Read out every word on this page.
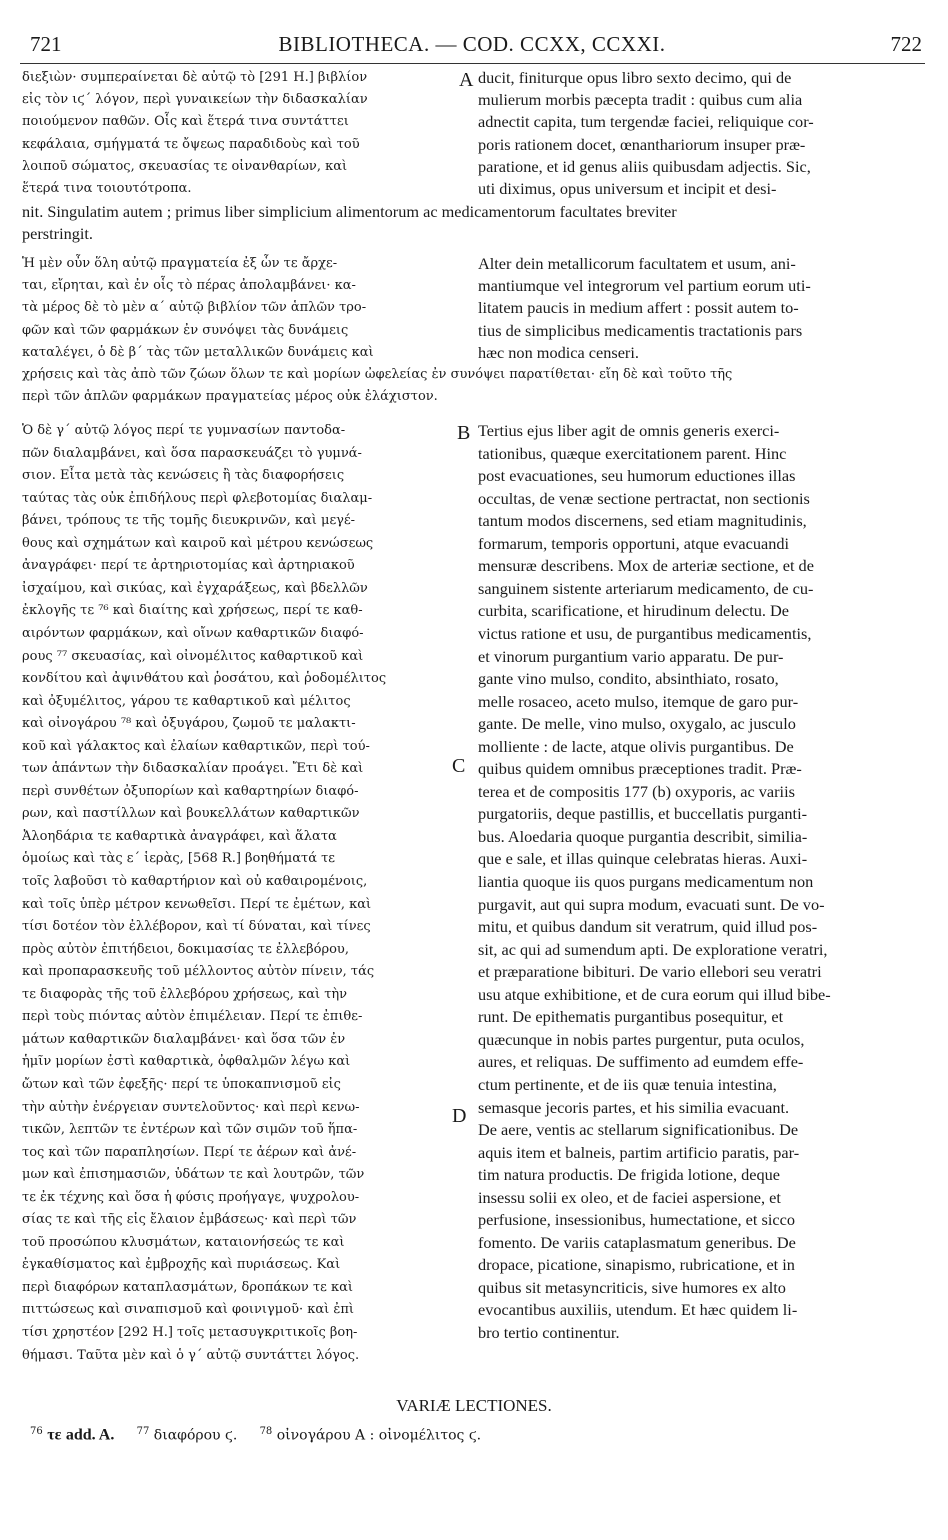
721	BIBLIOTHECA. — COD. CCXX, CCXXI.	722
διεξιὼν· συμπεραίνεται δὲ αὐτῷ τὸ [291 H.] βιβλίον
εἰς τὸν ιϛ´ λόγον, περὶ γυναικείων τὴν διδασκαλίαν
ποιούμενον παθῶν. Οἷς καὶ ἕτερά τινα συντάττει
κεφάλαια, σμήγματά τε ὄψεως παραδιδοὺς καὶ τοῦ
λοιποῦ σώματος, σκευασίας τε οἰνανθαρίων, καὶ
ἕτερά τινα τοιουτότροπα.
ducit, finiturque opus libro sexto decimo, qui de
mulierum morbis pæcepta tradit : quibus cum alia
adnectit capita, tum tergendæ faciei, reliquique cor-
poris rationem docet, œnanthariorum insuper præ-
paratione, et id genus aliis quibusdam adjectis. Sic,
uti diximus, opus universum et incipit et desi-
nit. Singulatim autem ; primus liber simplicium alimentorum ac medicamentorum facultates breviter
perstringit.
Ἡ μὲν οὖν ὅλη αὐτῷ πραγματεία ἐξ ὧν τε ἄρχε-
ται, εἴρηται, καὶ ἐν οἷς τὸ πέρας ἀπολαμβάνει· κα-
τὰ μέρος δὲ τὸ μὲν α´ αὐτῷ βιβλίον τῶν ἁπλῶν τρο-
φῶν καὶ τῶν φαρμάκων ἐν συνόψει τὰς δυνάμεις
καταλέγει, ὁ δὲ β´ τὰς τῶν μεταλλικῶν δυνάμεις καὶ
Alter dein metallicorum facultatem et usum, ani-
mantiumque vel integrorum vel partium eorum uti-
litatem paucis in medium affert : possit autem to-
tius de simplicibus medicamentis tractationis pars
hæc non modica censeri.
χρήσεις καὶ τὰς ἀπὸ τῶν ζώων ὅλων τε καὶ μορίων ὠφελείας ἐν συνόψει παρατίθεται· εἴη δὲ καὶ τοῦτο τῆς
περὶ τῶν ἁπλῶν φαρμάκων πραγματείας μέρος οὐκ ἐλάχιστον.
Ὁ δὲ γ´ αὐτῷ λόγος περί τε γυμνασίων παντοδα-
πῶν διαλαμβάνει, καὶ ὅσα παρασκευάζει τὸ γυμνά-
σιον. Εἶτα μετὰ τὰς κενώσεις ἢ τὰς διαφορήσεις
ταύτας τὰς οὐκ ἐπιδήλους περὶ φλεβοτομίας διαλαμ-
βάνει, τρόπους τε τῆς τομῆς διευκρινῶν, καὶ μεγέ-
θους καὶ σχημάτων καὶ καιροῦ καὶ μέτρου κενώσεως
ἀναγράφει· περί τε ἀρτηριοτομίας καὶ ἀρτηριακοῦ
ἰσχαίμου, καὶ σικύας, καὶ ἐγχαράξεως, καὶ βδελλῶν
ἐκλογῆς τε ⁷⁶ καὶ διαίτης καὶ χρήσεως, περί τε καθ-
αιρόντων φαρμάκων, καὶ οἴνων καθαρτικῶν διαφό-
ρους ⁷⁷ σκευασίας, καὶ οἰνομέλιτος καθαρτικοῦ καὶ
κονδίτου καὶ ἀψινθάτου καὶ ῥοσάτου, καὶ ῥοδομέλιτος
καὶ ὀξυμέλιτος, γάρου τε καθαρτικοῦ καὶ μέλιτος
καὶ οἰνογάρου ⁷⁸ καὶ ὀξυγάρου, ζωμοῦ τε μαλακτι-
κοῦ καὶ γάλακτος καὶ ἐλαίων καθαρτικῶν, περὶ τού-
των ἁπάντων τὴν διδασκαλίαν προάγει. Ἔτι δὲ καὶ
περὶ συνθέτων ὀξυπορίων καὶ καθαρτηρίων διαφό-
ρων, καὶ παστίλλων καὶ βουκελλάτων καθαρτικῶν
Ἀλοηδάρια τε καθαρτικὰ ἀναγράφει, καὶ ἅλατα
ὁμοίως καὶ τὰς ε´ ἱερὰς, [568 R.] βοηθήματά τε
τοῖς λαβοῦσι τὸ καθαρτήριον καὶ οὐ καθαιρομένοις,
καὶ τοῖς ὑπὲρ μέτρον κενωθεῖσι. Περί τε ἐμέτων, καὶ
τίσι δοτέον τὸν ἐλλέβορον, καὶ τί δύναται, καὶ τίνες
πρὸς αὐτὸν ἐπιτήδειοι, δοκιμασίας τε ἐλλεβόρου,
καὶ προπαρασκευῆς τοῦ μέλλοντος αὐτὸν πίνειν, τάς
τε διαφορὰς τῆς τοῦ ἐλλεβόρου χρήσεως, καὶ τὴν
περὶ τοὺς πιόντας αὐτὸν ἐπιμέλειαν. Περί τε ἐπιθε-
μάτων καθαρτικῶν διαλαμβάνει· καὶ ὅσα τῶν ἐν
ἡμῖν μορίων ἐστὶ καθαρτικὰ, ὀφθαλμῶν λέγω καὶ
ὤτων καὶ τῶν ἐφεξῆς· περί τε ὑποκαπνισμοῦ εἰς
τὴν αὐτὴν ἐνέργειαν συντελοῦντος· καὶ περὶ κενω-
τικῶν, λεπτῶν τε ἐντέρων καὶ τῶν σιμῶν τοῦ ἥπα-
τος καὶ τῶν παραπλησίων. Περί τε ἀέρων καὶ ἀνέ-
μων καὶ ἐπισημασιῶν, ὑδάτων τε καὶ λουτρῶν, τῶν
τε ἐκ τέχνης καὶ ὅσα ἡ φύσις προήγαγε, ψυχρολου-
σίας τε καὶ τῆς εἰς ἔλαιον ἐμβάσεως· καὶ περὶ τῶν
τοῦ προσώπου κλυσμάτων, καταιονήσεώς τε καὶ
ἐγκαθίσματος καὶ ἐμβροχῆς καὶ πυριάσεως. Καὶ
περὶ διαφόρων καταπλασμάτων, δροπάκων τε καὶ
πιττώσεως καὶ σιναπισμοῦ καὶ φοινιγμοῦ· καὶ ἐπὶ
τίσι χρηστέον [292 H.] τοῖς μετασυγκριτικοῖς βοη-
θήμασι. Ταῦτα μὲν καὶ ὁ γ´ αὐτῷ συντάττει λόγος.
Tertius ejus liber agit de omnis generis exerci-
tationibus, quæque exercitationem parent. Hinc
post evacuationes, seu humorum eductiones illas
occultas, de venæ sectione pertractat, non sectionis
tantum modos discernens, sed etiam magnitudinis,
formarum, temporis opportuni, atque evacuandi
mensuræ describens. Mox de arteriæ sectione, et de
sanguinem sistente arteriarum medicamento, de cu-
curbita, scarificatione, et hirudinum delectu. De
victus ratione et usu, de purgantibus medicamentis,
et vinorum purgantium vario apparatu. De pur-
gante vino mulso, condito, absinthiato, rosato,
melle rosaceo, aceto mulso, itemque de garo pur-
gante. De melle, vino mulso, oxygalo, ac jusculo
molliente : de lacte, atque olivis purgantibus. De
quibus quidem omnibus præceptiones tradit. Præ-
terea et de compositis 177 (b) oxyporis, ac variis
purgatoriis, deque pastillis, et buccellatis purganti-
bus. Aloedaria quoque purgantia describit, similia-
que e sale, et illas quinque celebratas hieras. Auxi-
liantia quoque iis quos purgans medicamentum non
purgavit, aut qui supra modum, evacuati sunt. De vo-
mitu, et quibus dandum sit veratrum, quid illud pos-
sit, ac qui ad sumendum apti. De exploratione veratri,
et præparatione bibituri. De vario ellebori seu veratri
usu atque exhibitione, et de cura eorum qui illud bibe-
runt. De epithematis purgantibus posequitur, et
quæcunque in nobis partes purgentur, puta oculos,
aures, et reliquas. De suffimento ad eumdem effe-
ctum pertinente, et de iis quæ tenuia intestina,
semasque jecoris partes, et his similia evacuant.
De aere, ventis ac stellarum significationibus. De
aquis item et balneis, partim artificio paratis, par-
tim natura productis. De frigida lotione, deque
insessu solii ex oleo, et de faciei aspersione, et
perfusione, insessionibus, humectatione, et sicco
fomento. De variis cataplasmatum generibus. De
dropace, picatione, sinapismo, rubricatione, et in
quibus sit metasyncriticis, sive humores ex alto
evocantibus auxiliis, utendum. Et hæc quidem li-
bro tertio continentur.
A
B
C
D
VARIÆ LECTIONES.
$^{76}$ τε add. A. $^{77}$ διαφόρου ϛ. $^{78}$ οἰνογάρου A : οἰνομέλιτος ϛ.
